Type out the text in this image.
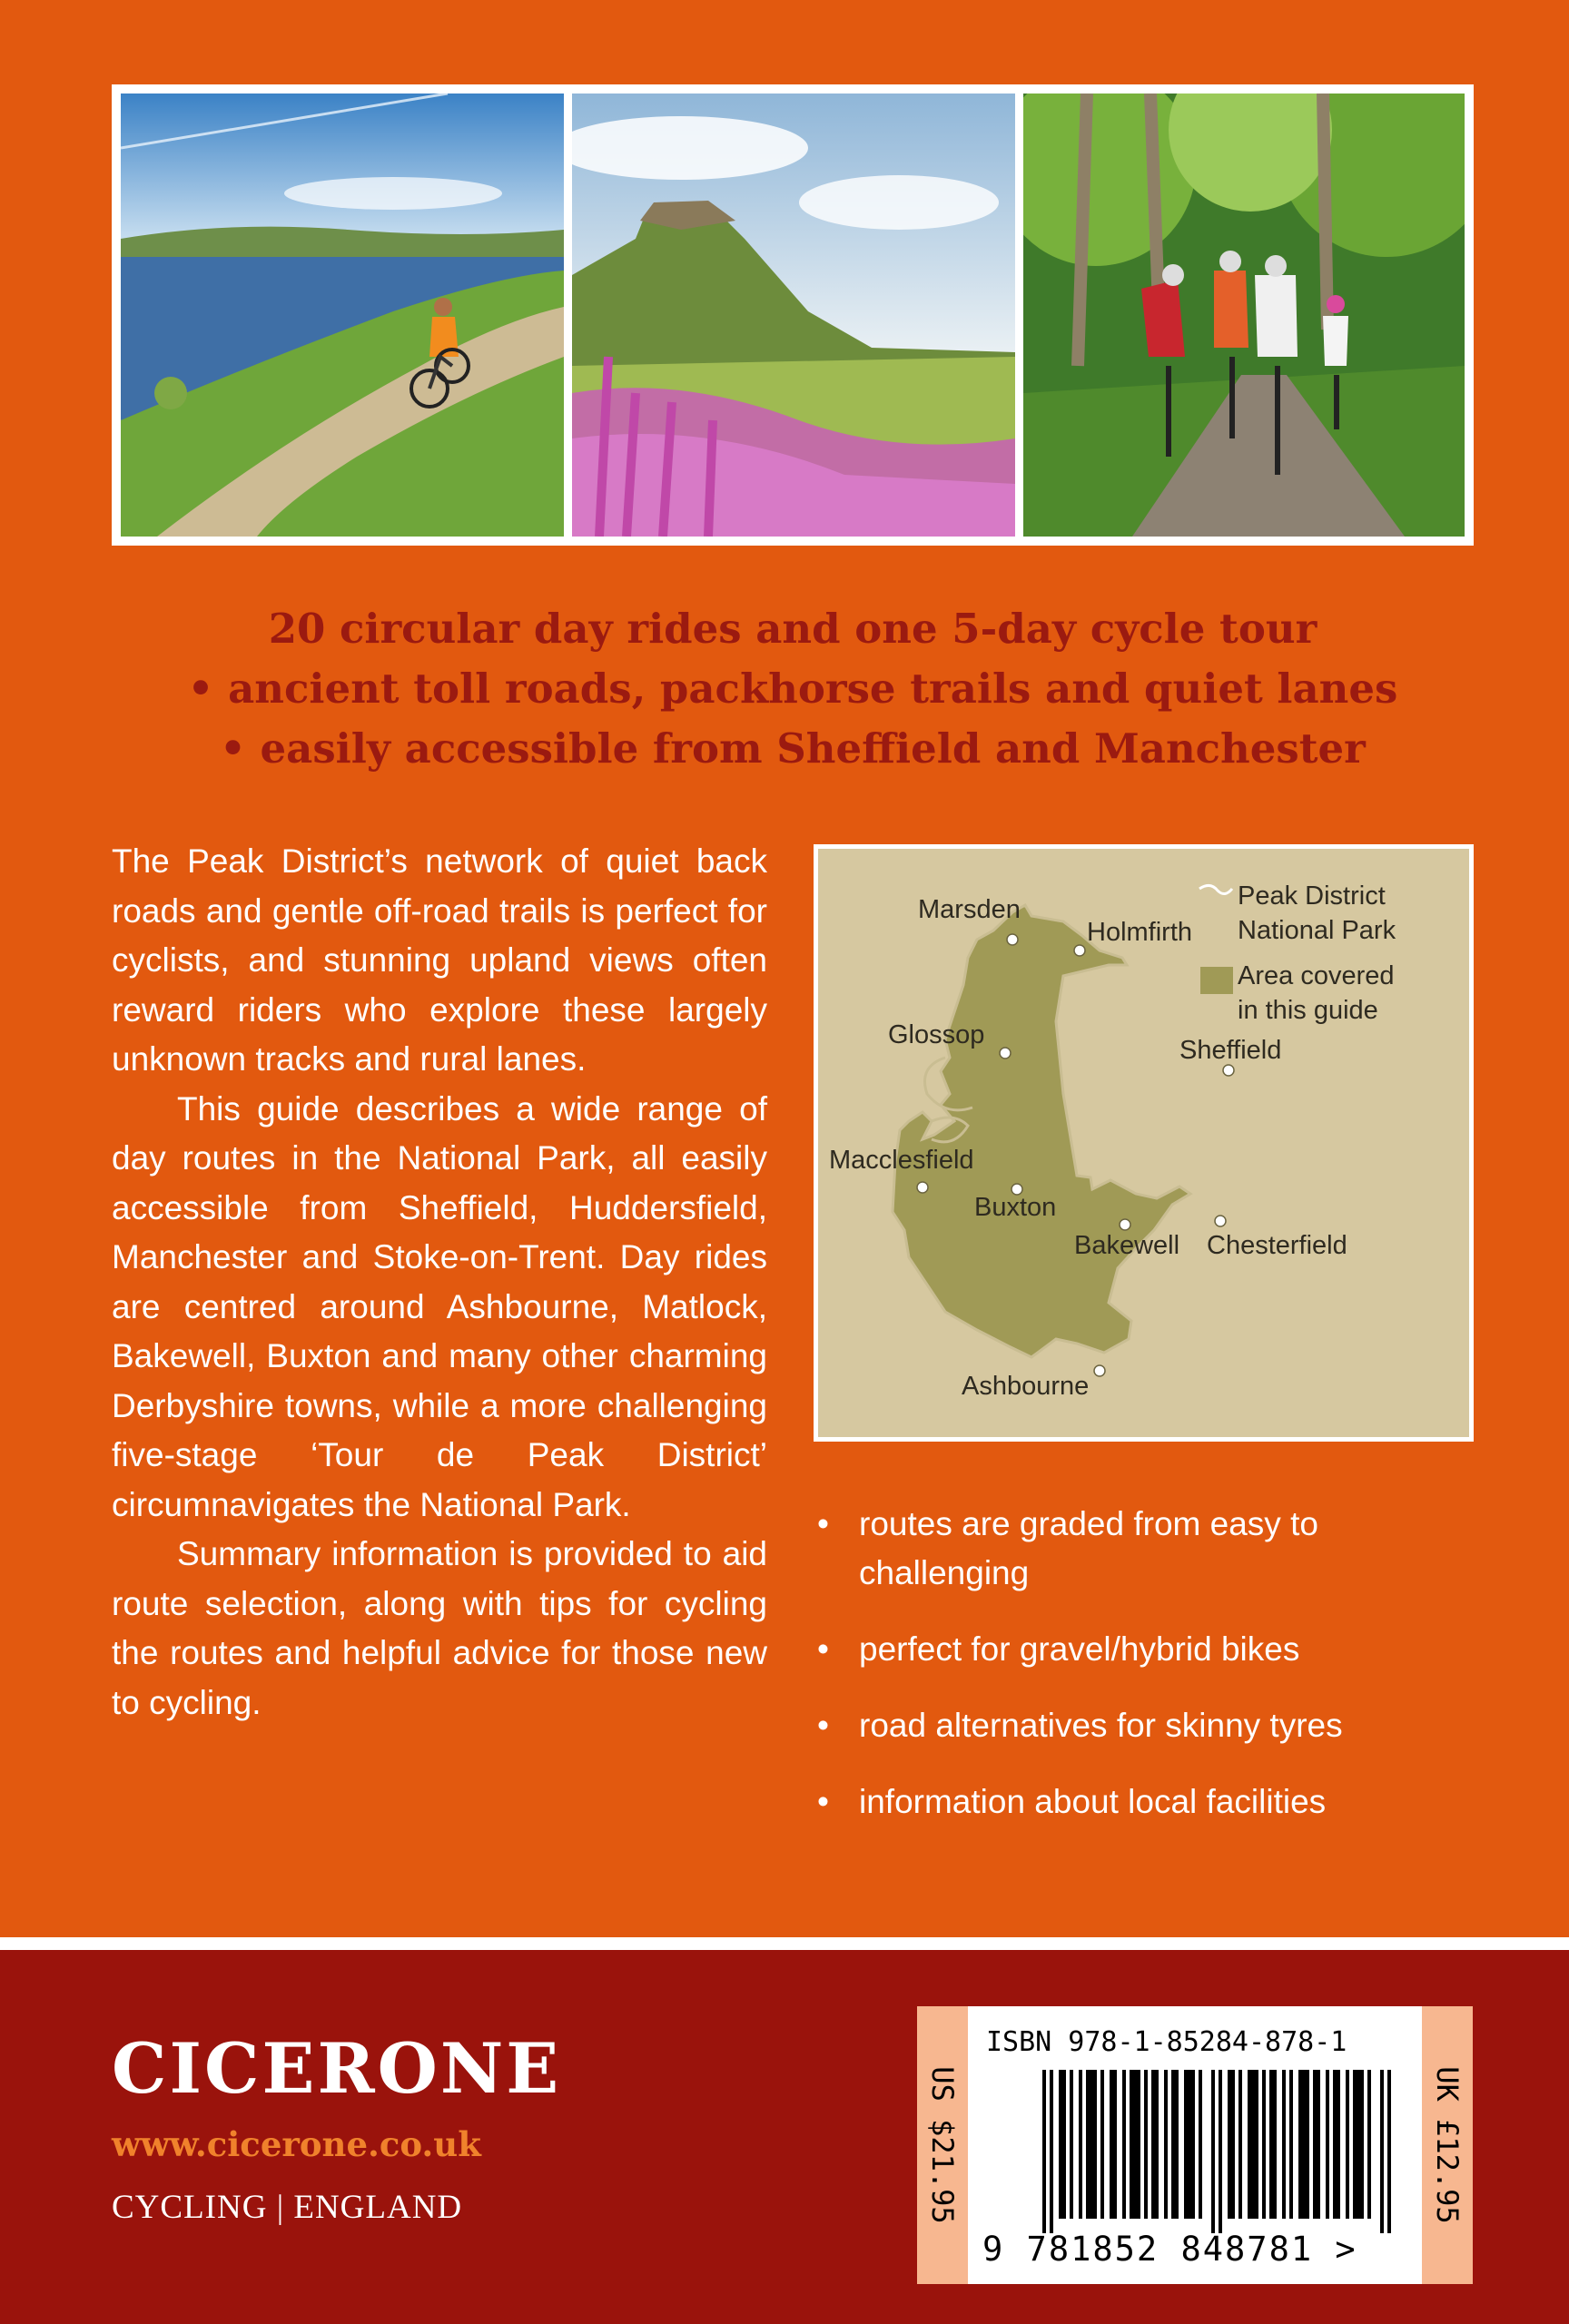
20 circular day rides and one 5-day cycle tour
• ancient toll roads, packhorse trails and quiet lanes
• easily accessible from Sheffield and Manchester

The Peak District’s network of quiet back roads and gentle off-road trails is perfect for cyclists, and stunning upland views often reward riders who explore these largely unknown tracks and rural lanes.

This guide describes a wide range of day routes in the National Park, all easily accessible from Sheffield, Huddersfield, Manchester and Stoke-on-Trent. Day rides are centred around Ashbourne, Matlock, Bakewell, Buxton and many other charming Derbyshire towns, while a more challenging five-stage ‘Tour de Peak District’ circumnavigates the National Park.

Summary information is provided to aid route selection, along with tips for cycling the routes and helpful advice for those new to cycling.

Marsden
Holmfirth
Glossop
Sheffield
Macclesfield
Buxton
Bakewell Chesterfield
Ashbourne
Peak District
National Park
Area covered
in this guide
• routes are graded from easy to challenging
• perfect for gravel/hybrid bikes
• road alternatives for skinny tyres
• information about local facilities
CICERONE
www.cicerone.co.uk
CYCLING | ENGLAND	US $21.95
ISBN 978-1-85284-878-1
9 781852 848781 >
UK £12.95
